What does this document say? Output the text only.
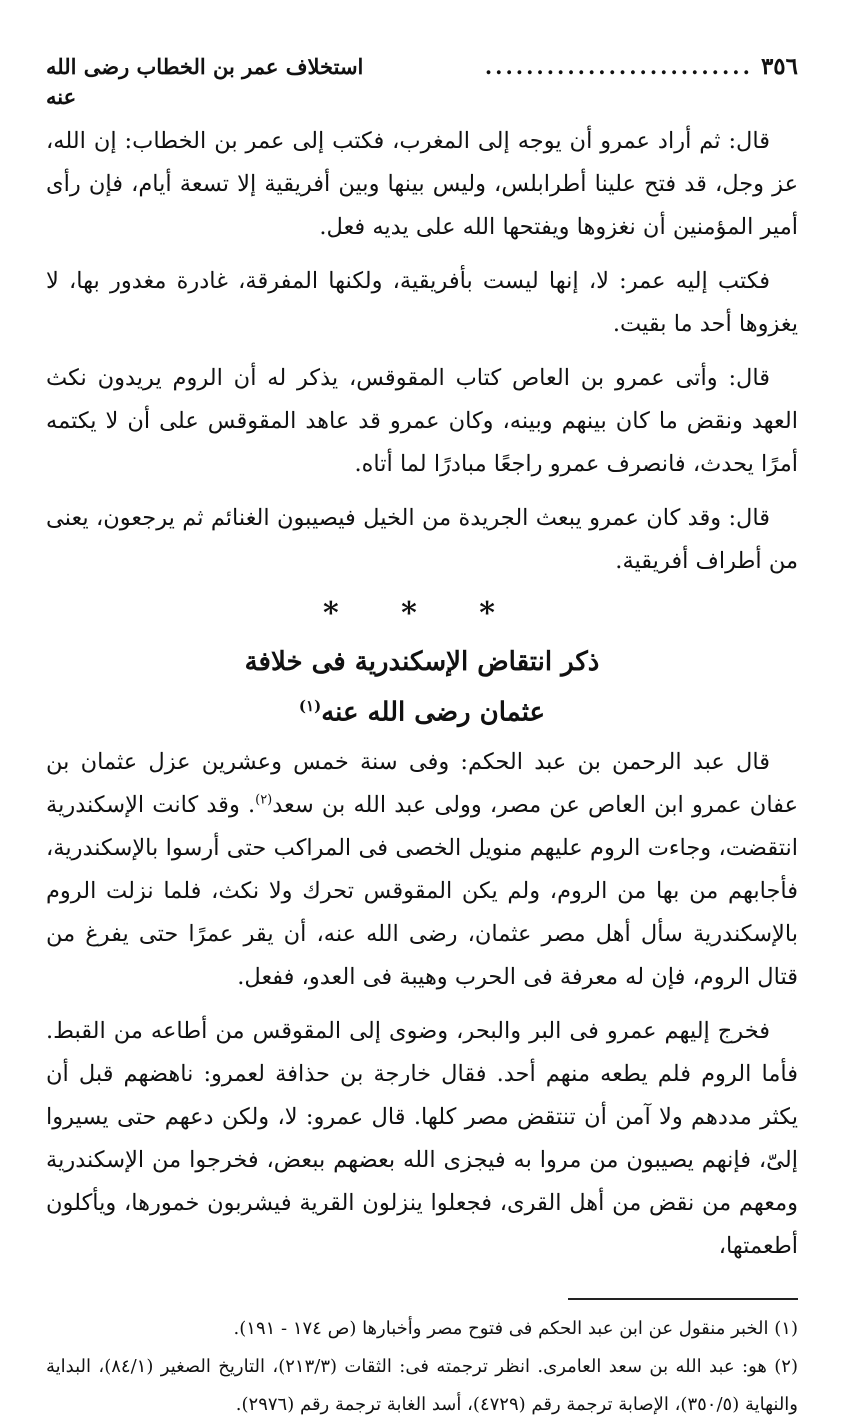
٣٥٦
..........................
استخلاف عمر بن الخطاب رضى الله عنه

قال: ثم أراد عمرو أن يوجه إلى المغرب، فكتب إلى عمر بن الخطاب: إن الله، عز وجل، قد فتح علينا أطرابلس، وليس بينها وبين أفريقية إلا تسعة أيام، فإن رأى أمير المؤمنين أن نغزوها ويفتحها الله على يديه فعل.

فكتب إليه عمر: لا، إنها ليست بأفريقية، ولكنها المفرقة، غادرة مغدور بها، لا يغزوها أحد ما بقيت.

قال: وأتى عمرو بن العاص كتاب المقوقس، يذكر له أن الروم يريدون نكث العهد ونقض ما كان بينهم وبينه، وكان عمرو قد عاهد المقوقس على أن لا يكتمه أمرًا يحدث، فانصرف عمرو راجعًا مبادرًا لما أتاه.

قال: وقد كان عمرو يبعث الجريدة من الخيل فيصيبون الغنائم ثم يرجعون، يعنى من أطراف أفريقية.

* * *
ذكر انتقاض الإسكندرية فى خلافة
عثمان رضى الله عنه$^{(١)}$

قال عبد الرحمن بن عبد الحكم: وفى سنة خمس وعشرين عزل عثمان بن عفان عمرو ابن العاص عن مصر، وولى عبد الله بن سعد$^{(٢)}$. وقد كانت الإسكندرية انتقضت، وجاءت الروم عليهم منويل الخصى فى المراكب حتى أرسوا بالإسكندرية، فأجابهم من بها من الروم، ولم يكن المقوقس تحرك ولا نكث، فلما نزلت الروم بالإسكندرية سأل أهل مصر عثمان، رضى الله عنه، أن يقر عمرًا حتى يفرغ من قتال الروم، فإن له معرفة فى الحرب وهيبة فى العدو، ففعل.

فخرج إليهم عمرو فى البر والبحر، وضوى إلى المقوقس من أطاعه من القبط. فأما الروم فلم يطعه منهم أحد. فقال خارجة بن حذافة لعمرو: ناهضهم قبل أن يكثر مددهم ولا آمن أن تنتقض مصر كلها. قال عمرو: لا، ولكن دعهم حتى يسيروا إلىّ، فإنهم يصيبون من مروا به فيجزى الله بعضهم ببعض، فخرجوا من الإسكندرية ومعهم من نقض من أهل القرى، فجعلوا ينزلون القرية فيشربون خمورها، ويأكلون أطعمتها،

(١) الخبر منقول عن ابن عبد الحكم فى فتوح مصر وأخبارها (ص ١٧٤ - ١٩١).
(٢) هو: عبد الله بن سعد العامرى. انظر ترجمته فى: الثقات (٢١٣/٣)، التاريخ الصغير (٨٤/١)، البداية والنهاية (٣٥٠/٥)، الإصابة ترجمة رقم (٤٧٢٩)، أسد الغابة ترجمة رقم (٢٩٧٦).
